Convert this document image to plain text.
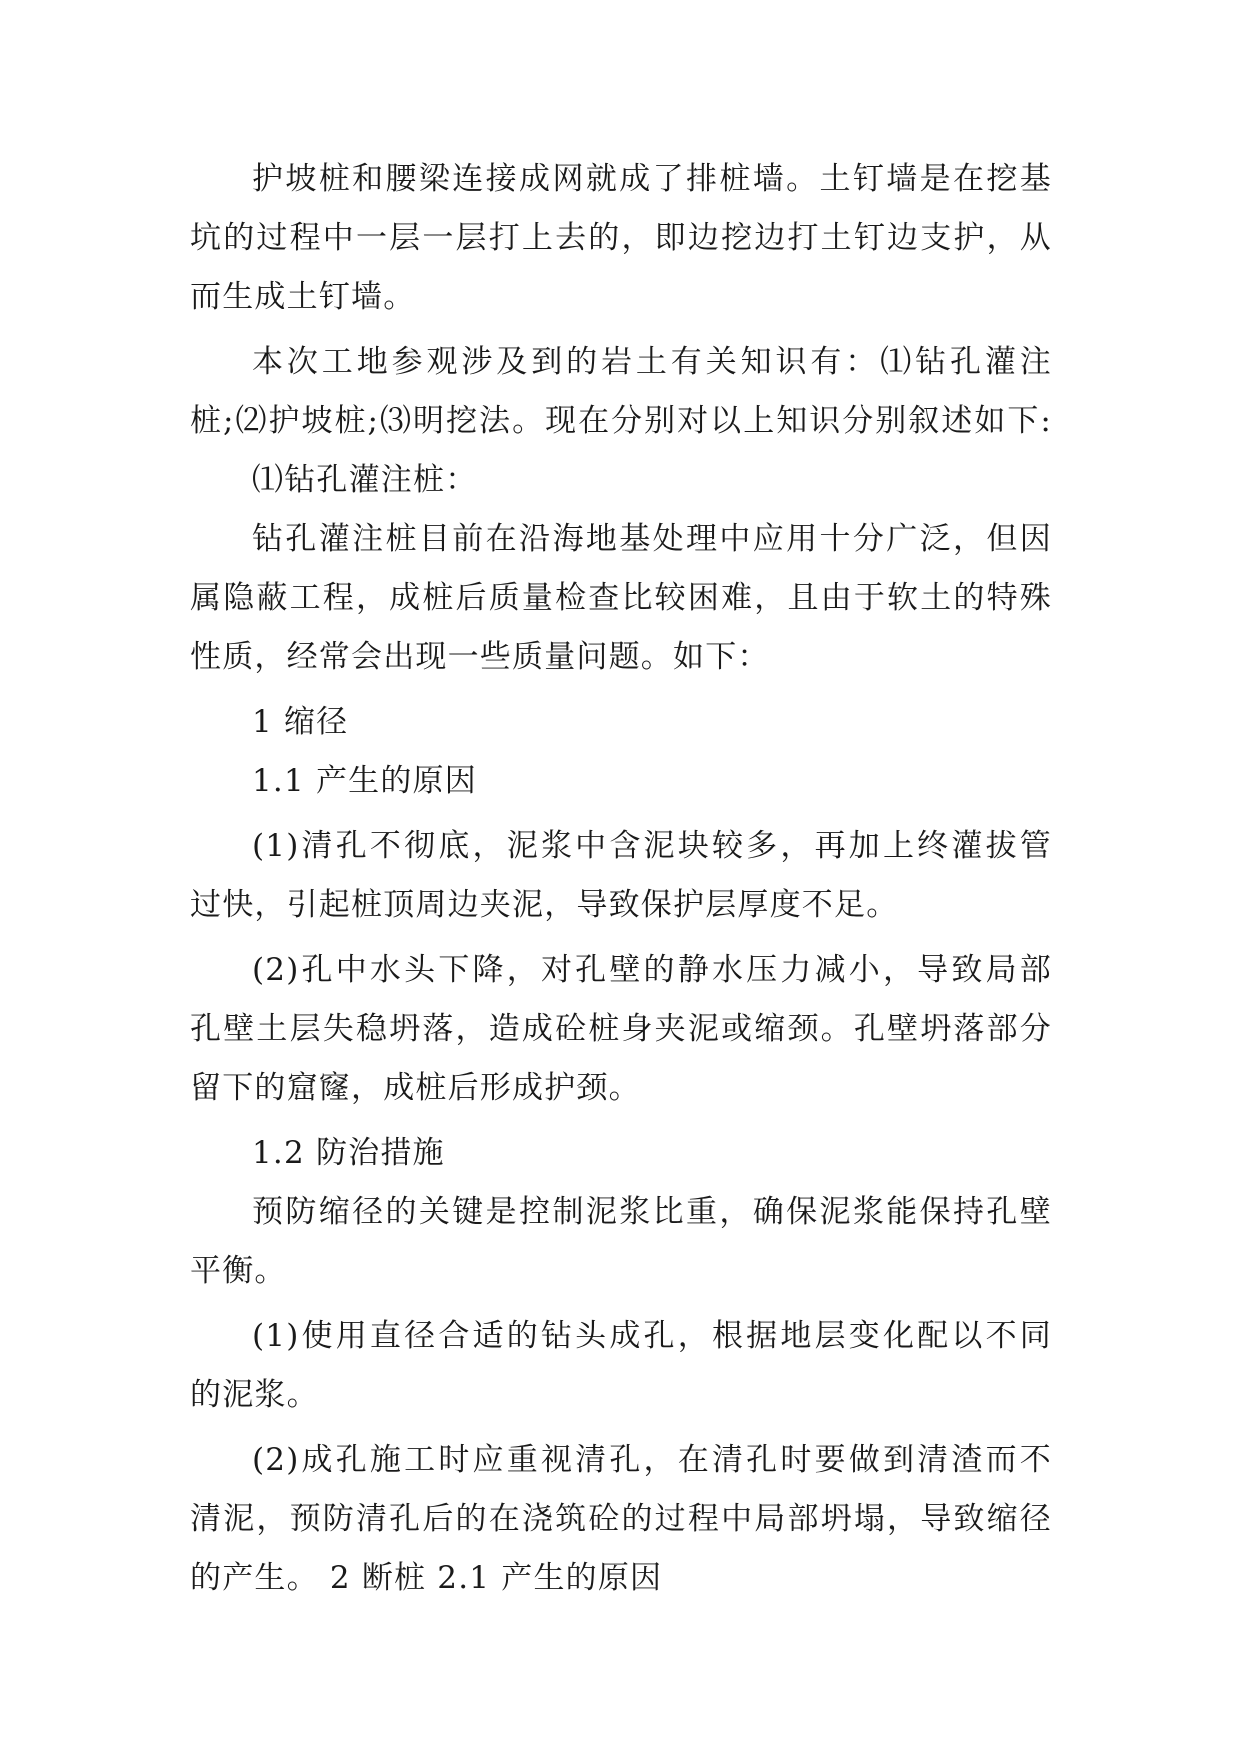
护坡桩和腰梁连接成网就成了排桩墙。土钉墙是在挖基
坑的过程中一层一层打上去的，即边挖边打土钉边支护，从
而生成土钉墙。
本次工地参观涉及到的岩土有关知识有：⑴钻孔灌注
桩;⑵护坡桩;⑶明挖法。现在分别对以上知识分别叙述如下:
⑴钻孔灌注桩：
钻孔灌注桩目前在沿海地基处理中应用十分广泛，但因
属隐蔽工程，成桩后质量检查比较困难，且由于软土的特殊
性质，经常会出现一些质量问题。如下：
1 缩径
1.1 产生的原因
(1)清孔不彻底，泥浆中含泥块较多，再加上终灌拔管
过快，引起桩顶周边夹泥，导致保护层厚度不足。
(2)孔中水头下降，对孔壁的静水压力减小，导致局部
孔壁土层失稳坍落，造成砼桩身夹泥或缩颈。孔壁坍落部分
留下的窟窿，成桩后形成护颈。
1.2 防治措施
预防缩径的关键是控制泥浆比重，确保泥浆能保持孔壁
平衡。
(1)使用直径合适的钻头成孔，根据地层变化配以不同
的泥浆。
(2)成孔施工时应重视清孔，在清孔时要做到清渣而不
清泥，预防清孔后的在浇筑砼的过程中局部坍塌，导致缩径
的产生。 2 断桩 2.1 产生的原因
